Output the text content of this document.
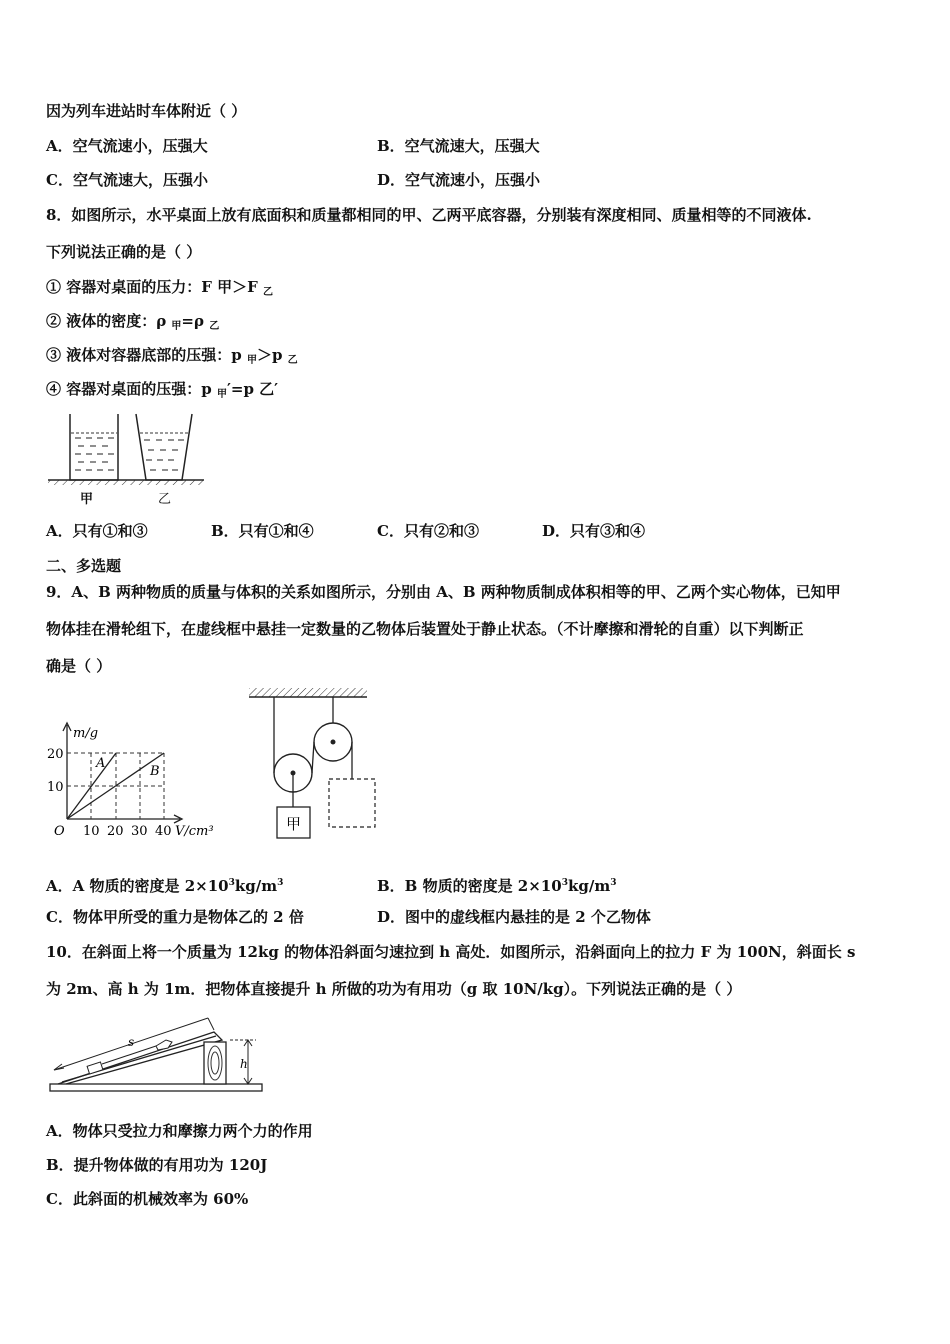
因为列车进站时车体附近（ ）
A．空气流速小，压强大	B．空气流速大，压强大
C．空气流速大，压强小	D．空气流速小，压强小
8．如图所示，水平桌面上放有底面积和质量都相同的甲、乙两平底容器，分别装有深度相同、质量相等的不同液体.
下列说法正确的是（ ）
① 容器对桌面的压力：F 甲＞F $_乙$
② 液体的密度：ρ $_甲$=ρ $_乙$
③ 液体对容器底部的压强：p $_甲$＞p $_乙$
④ 容器对桌面的压强：p $_甲$′=p 乙′
甲	乙
A．只有①和③	B．只有①和④	C．只有②和③	D．只有③和④
二、多选题
9．A、B 两种物质的质量与体积的关系如图所示，分别由 A、B 两种物质制成体积相等的甲、乙两个实心物体，已知甲
物体挂在滑轮组下，在虚线框中悬挂一定数量的乙物体后装置处于静止状态。（不计摩擦和滑轮的自重）以下判断正
确是（ ）
m/g
A
B
20
10
O 10 20 30 40 V/cm³	甲
A．A 物质的密度是 $2\times 10^3kg/m^3$	B．B 物质的密度是 $2\times 10^3kg/m^3$
C．物体甲所受的重力是物体乙的 2 倍	D．图中的虚线框内悬挂的是 2 个乙物体
10．在斜面上将一个质量为 12kg 的物体沿斜面匀速拉到 h 高处．如图所示，沿斜面向上的拉力 F 为 100N，斜面长 s
为 2m、高 h 为 1m．把物体直接提升 h 所做的功为有用功（g 取 10N/kg）。下列说法正确的是（ ）
s
h
A．物体只受拉力和摩擦力两个力的作用
B．提升物体做的有用功为 120J
C．此斜面的机械效率为 60%
